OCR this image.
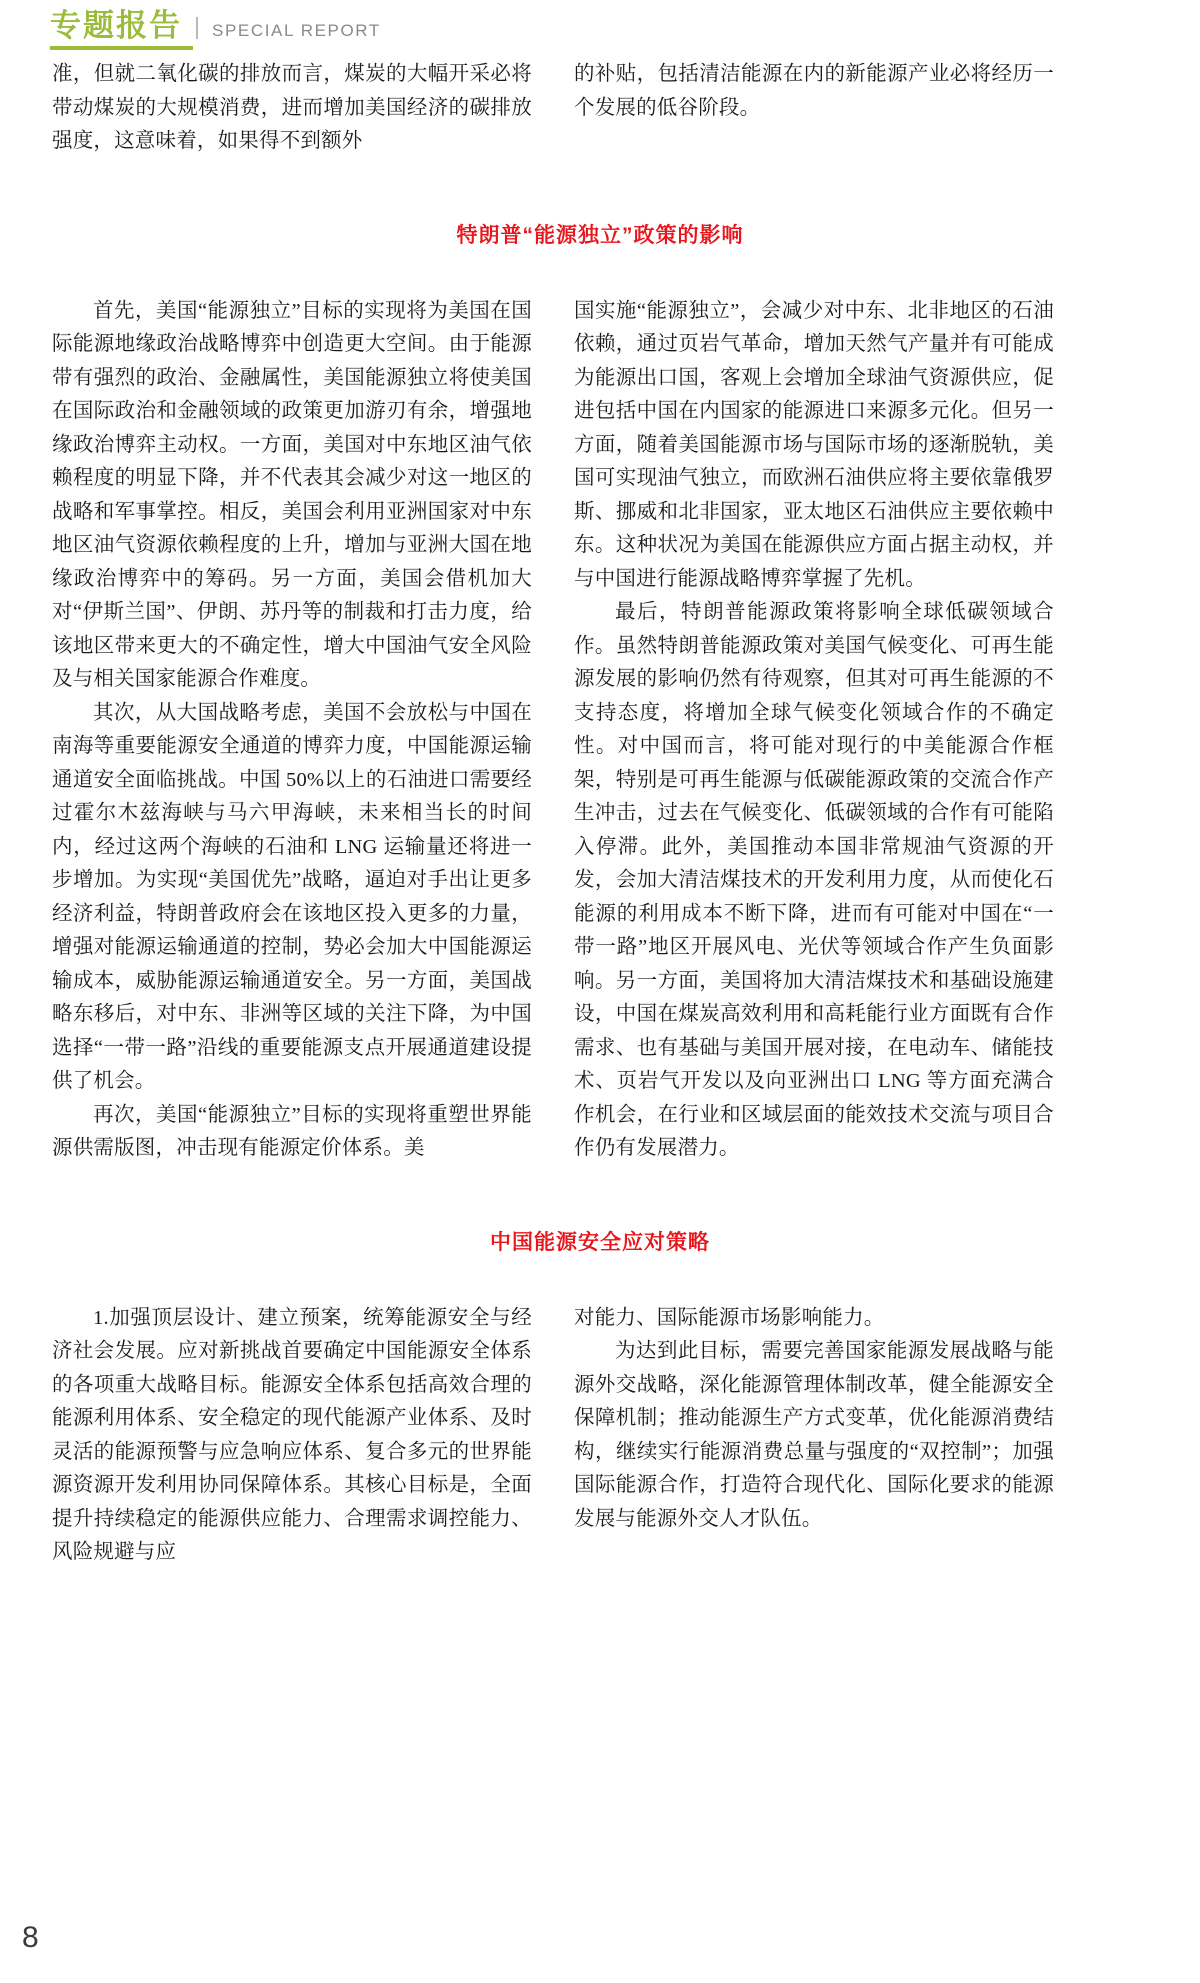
专题报告 SPECIAL REPORT

准，但就二氧化碳的排放而言，煤炭的大幅开采必将带动煤炭的大规模消费，进而增加美国经济的碳排放强度，这意味着，如果得不到额外

的补贴，包括清洁能源在内的新能源产业必将经历一个发展的低谷阶段。

特朗普“能源独立”政策的影响

首先，美国“能源独立”目标的实现将为美国在国际能源地缘政治战略博弈中创造更大空间。由于能源带有强烈的政治、金融属性，美国能源独立将使美国在国际政治和金融领域的政策更加游刃有余，增强地缘政治博弈主动权。一方面，美国对中东地区油气依赖程度的明显下降，并不代表其会减少对这一地区的战略和军事掌控。相反，美国会利用亚洲国家对中东地区油气资源依赖程度的上升，增加与亚洲大国在地缘政治博弈中的筹码。另一方面，美国会借机加大对“伊斯兰国”、伊朗、苏丹等的制裁和打击力度，给该地区带来更大的不确定性，增大中国油气安全风险及与相关国家能源合作难度。

其次，从大国战略考虑，美国不会放松与中国在南海等重要能源安全通道的博弈力度，中国能源运输通道安全面临挑战。中国 50%以上的石油进口需要经过霍尔木兹海峡与马六甲海峡，未来相当长的时间内，经过这两个海峡的石油和 LNG 运输量还将进一步增加。为实现“美国优先”战略，逼迫对手出让更多经济利益，特朗普政府会在该地区投入更多的力量，增强对能源运输通道的控制，势必会加大中国能源运输成本，威胁能源运输通道安全。另一方面，美国战略东移后，对中东、非洲等区域的关注下降，为中国选择“一带一路”沿线的重要能源支点开展通道建设提供了机会。

再次，美国“能源独立”目标的实现将重塑世界能源供需版图，冲击现有能源定价体系。美

国实施“能源独立”，会减少对中东、北非地区的石油依赖，通过页岩气革命，增加天然气产量并有可能成为能源出口国，客观上会增加全球油气资源供应，促进包括中国在内国家的能源进口来源多元化。但另一方面，随着美国能源市场与国际市场的逐渐脱轨，美国可实现油气独立，而欧洲石油供应将主要依靠俄罗斯、挪威和北非国家，亚太地区石油供应主要依赖中东。这种状况为美国在能源供应方面占据主动权，并与中国进行能源战略博弈掌握了先机。

最后，特朗普能源政策将影响全球低碳领域合作。虽然特朗普能源政策对美国气候变化、可再生能源发展的影响仍然有待观察，但其对可再生能源的不支持态度，将增加全球气候变化领域合作的不确定性。对中国而言，将可能对现行的中美能源合作框架，特别是可再生能源与低碳能源政策的交流合作产生冲击，过去在气候变化、低碳领域的合作有可能陷入停滞。此外，美国推动本国非常规油气资源的开发，会加大清洁煤技术的开发利用力度，从而使化石能源的利用成本不断下降，进而有可能对中国在“一带一路”地区开展风电、光伏等领域合作产生负面影响。另一方面，美国将加大清洁煤技术和基础设施建设，中国在煤炭高效利用和高耗能行业方面既有合作需求、也有基础与美国开展对接，在电动车、储能技术、页岩气开发以及向亚洲出口 LNG 等方面充满合作机会，在行业和区域层面的能效技术交流与项目合作仍有发展潜力。

中国能源安全应对策略

1.加强顶层设计、建立预案，统筹能源安全与经济社会发展。应对新挑战首要确定中国能源安全体系的各项重大战略目标。能源安全体系包括高效合理的能源利用体系、安全稳定的现代能源产业体系、及时灵活的能源预警与应急响应体系、复合多元的世界能源资源开发利用协同保障体系。其核心目标是，全面提升持续稳定的能源供应能力、合理需求调控能力、风险规避与应

对能力、国际能源市场影响能力。

为达到此目标，需要完善国家能源发展战略与能源外交战略，深化能源管理体制改革，健全能源安全保障机制；推动能源生产方式变革，优化能源消费结构，继续实行能源消费总量与强度的“双控制”；加强国际能源合作，打造符合现代化、国际化要求的能源发展与能源外交人才队伍。

8
